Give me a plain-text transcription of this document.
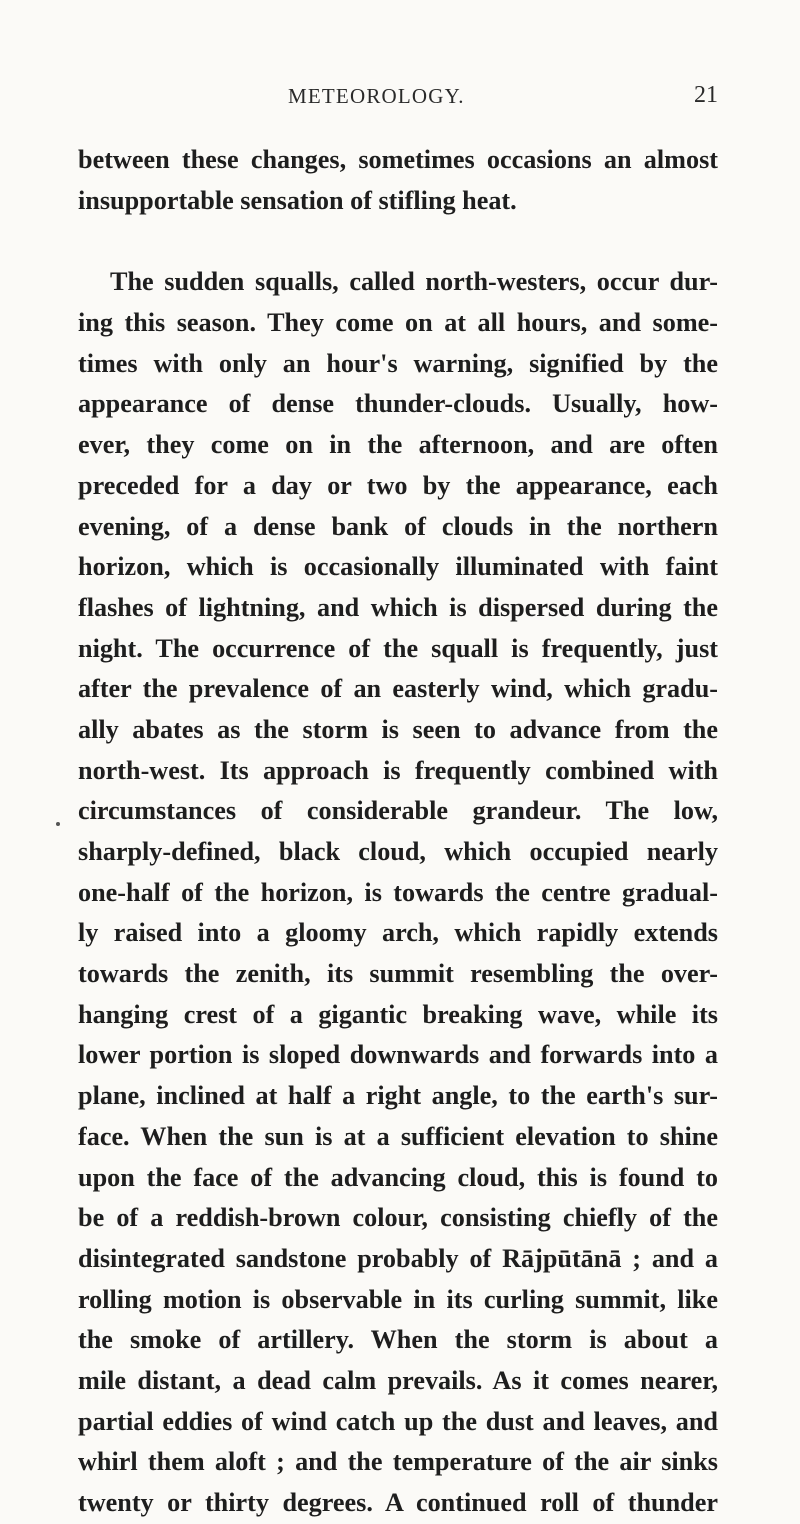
METEOROLOGY.	21
between these changes, sometimes occasions an almost
insupportable sensation of stifling heat.
The sudden squalls, called north-westers, occur dur-
ing this season. They come on at all hours, and some-
times with only an hour's warning, signified by the
appearance of dense thunder-clouds. Usually, how-
ever, they come on in the afternoon, and are often
preceded for a day or two by the appearance, each
evening, of a dense bank of clouds in the northern
horizon, which is occasionally illuminated with faint
flashes of lightning, and which is dispersed during the
night. The occurrence of the squall is frequently, just
after the prevalence of an easterly wind, which gradu-
ally abates as the storm is seen to advance from the
north-west. Its approach is frequently combined with
circumstances of considerable grandeur. The low,
sharply-defined, black cloud, which occupied nearly
one-half of the horizon, is towards the centre gradual-
ly raised into a gloomy arch, which rapidly extends
towards the zenith, its summit resembling the over-
hanging crest of a gigantic breaking wave, while its
lower portion is sloped downwards and forwards into a
plane, inclined at half a right angle, to the earth's sur-
face. When the sun is at a sufficient elevation to shine
upon the face of the advancing cloud, this is found to
be of a reddish-brown colour, consisting chiefly of the
disintegrated sandstone probably of Rājpūtānā ; and a
rolling motion is observable in its curling summit, like
the smoke of artillery. When the storm is about a
mile distant, a dead calm prevails. As it comes nearer,
partial eddies of wind catch up the dust and leaves, and
whirl them aloft ; and the temperature of the air sinks
twenty or thirty degrees. A continued roll of thunder
